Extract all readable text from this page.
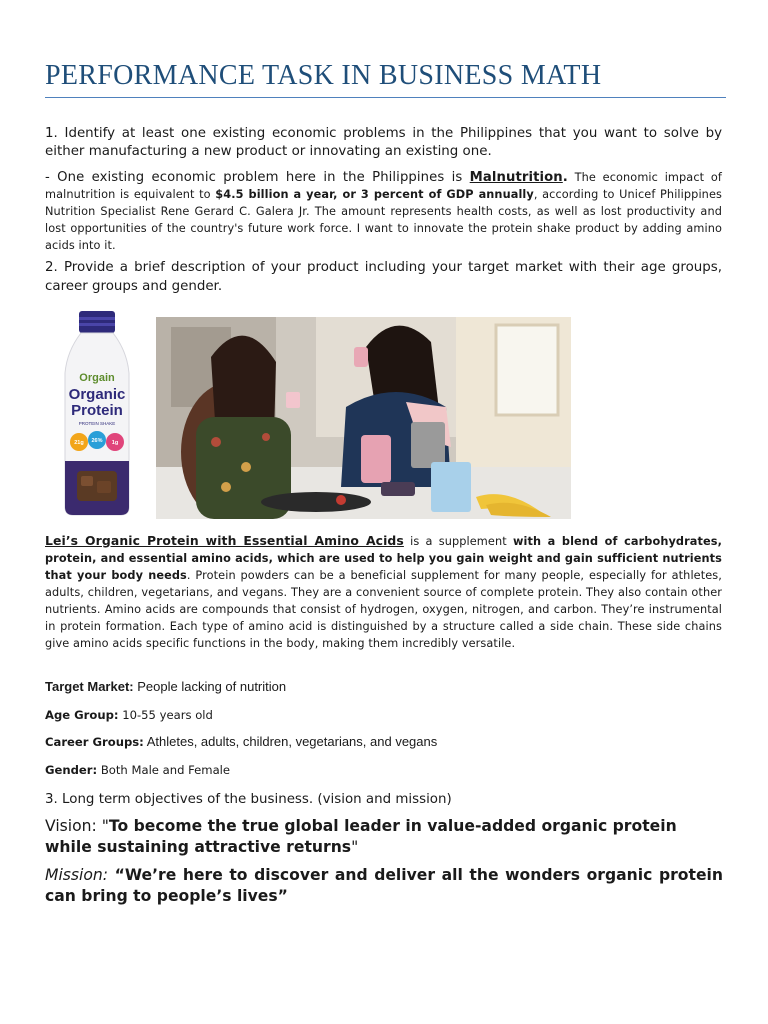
PERFORMANCE TASK IN BUSINESS MATH

1. Identify at least one existing economic problems in the Philippines that you want to solve by either manufacturing a new product or innovating an existing one.

- One existing economic problem here in the Philippines is Malnutrition. The economic impact of malnutrition is equivalent to $4.5 billion a year, or 3 percent of GDP annually, according to Unicef Philippines Nutrition Specialist Rene Gerard C. Galera Jr. The amount represents health costs, as well as lost productivity and lost opportunities of the country's future work force. I want to innovate the protein shake product by adding amino acids into it.

2. Provide a brief description of your product including your target market with their age groups, career groups and gender.

Orgain
Organic
Protein
PROTEIN SHAKE
21g 26% 1g

Lei’s Organic Protein with Essential Amino Acids is a supplement with a blend of carbohydrates, protein, and essential amino acids, which are used to help you gain weight and gain sufficient nutrients that your body needs. Protein powders can be a beneficial supplement for many people, especially for athletes, adults, children, vegetarians, and vegans. They are a convenient source of complete protein. They also contain other nutrients. Amino acids are compounds that consist of hydrogen, oxygen, nitrogen, and carbon. They’re instrumental in protein formation. Each type of amino acid is distinguished by a structure called a side chain. These side chains give amino acids specific functions in the body, making them incredibly versatile.

Target Market: People lacking of nutrition

Age Group: 10-55 years old

Career Groups: Athletes, adults, children, vegetarians, and vegans

Gender: Both Male and Female

3. Long term objectives of the business. (vision and mission)

Vision: "To become the true global leader in value-added organic protein while sustaining attractive returns"

Mission: “We’re here to discover and deliver all the wonders organic protein can bring to people’s lives”
